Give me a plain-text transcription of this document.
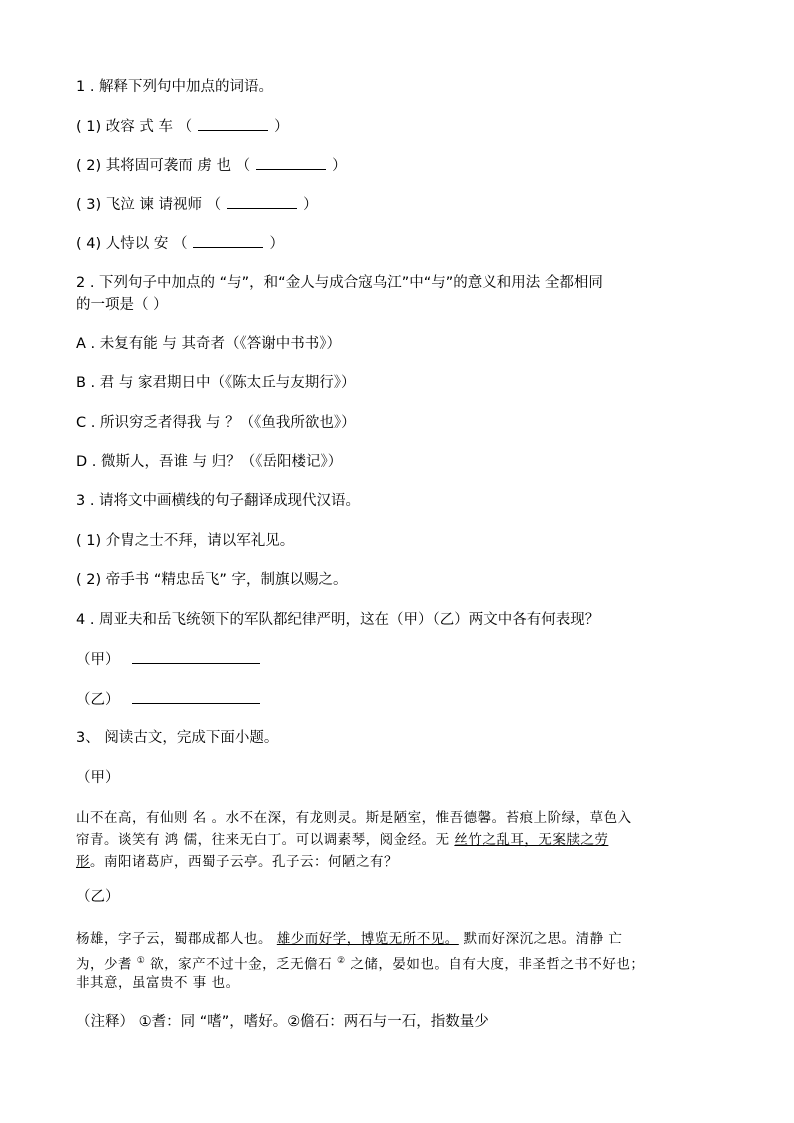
1 . 解释下列句中加点的词语。
( 1) 改容 式 车 （	）
( 2) 其将固可袭而 虏 也 （	）
( 3) 飞泣 谏 请视师 （	）
( 4) 人恃以 安 （	）
2 . 下列句子中加点的 “与”，和“金人与成合寇乌江”中“与”的意义和用法 全都相同
的一项是（ ）
A . 未复有能 与 其奇者（《答谢中书书》）
B . 君 与 家君期日中（《陈太丘与友期行》）
C . 所识穷乏者得我 与 ？（《鱼我所欲也》）
D . 微斯人，吾谁 与 归？（《岳阳楼记》）
3 . 请将文中画横线的句子翻译成现代汉语。
( 1) 介胄之士不拜，请以军礼见。
( 2) 帝手书 “精忠岳飞” 字，制旗以赐之。
4 . 周亚夫和岳飞统领下的军队都纪律严明，这在（甲）（乙）两文中各有何表现？
（甲）
（乙）
3、 阅读古文，完成下面小题。
（甲）
山不在高，有仙则 名 。水不在深，有龙则灵。斯是陋室，惟吾德馨。苔痕上阶绿，草色入
帘青。谈笑有 鸿 儒，往来无白丁。可以调素琴，阅金经。无 丝竹之乱耳，无案牍之劳
形。南阳诸葛庐，西蜀子云亭。孔子云：何陋之有？
（乙）
杨雄，字子云，蜀郡成都人也。 雄少而好学，博览无所不见。 默而好深沉之思。清静 亡
为，少耆 ① 欲，家产不过十金，乏无儋石 ② 之储，晏如也。自有大度，非圣哲之书不好也；
非其意，虽富贵不 事 也。
（注释） ①耆：同 “嗜”，嗜好。②儋石：两石与一石，指数量少
